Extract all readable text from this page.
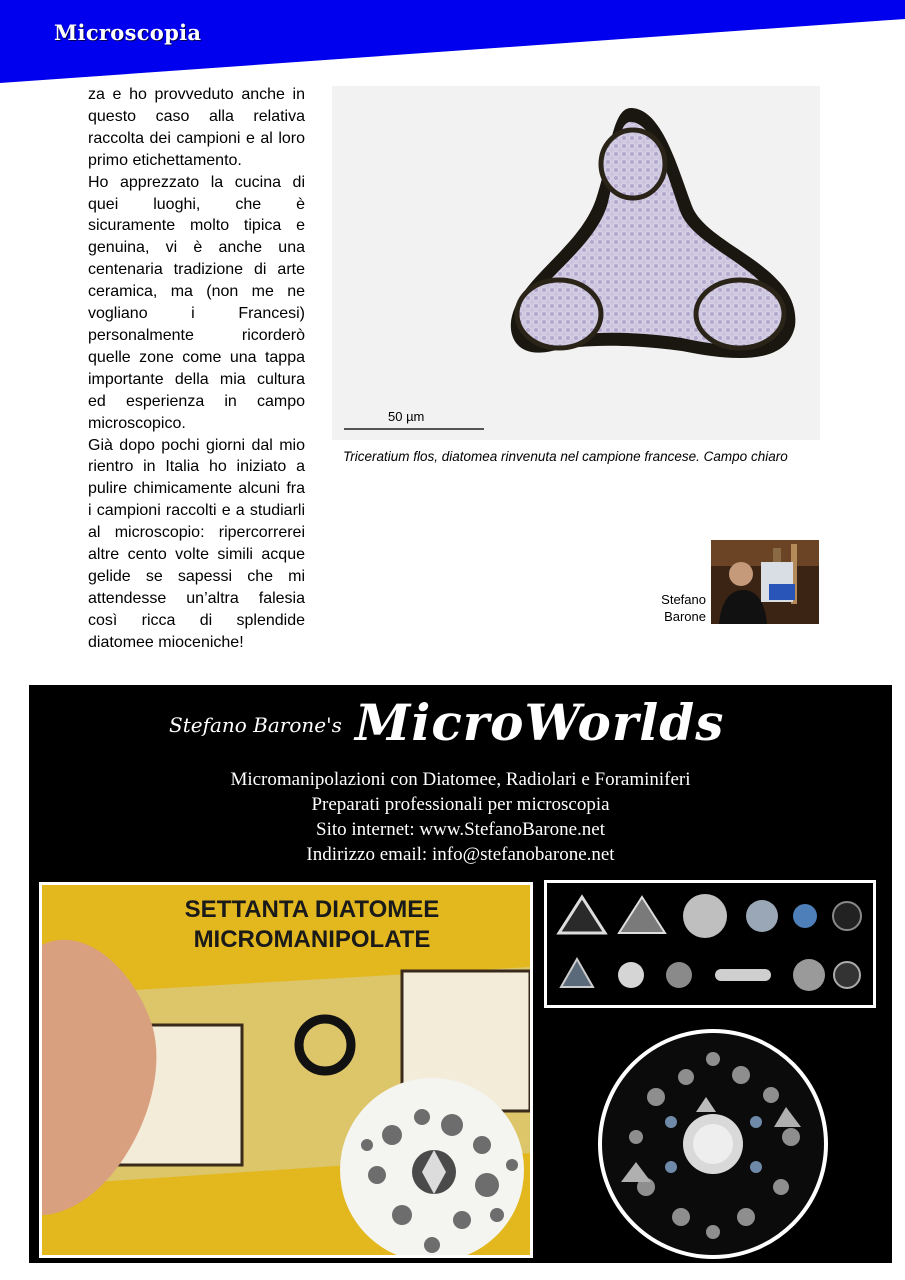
Microscopia

za e ho provveduto anche in questo caso alla relativa raccolta dei campioni e al loro primo etichettamento.

Ho apprezzato la cucina di quei luoghi, che è sicuramente molto tipica e genuina, vi è anche una centenaria tradizione di arte ceramica, ma (non me ne vogliano i Francesi) personalmente ricorderò quelle zone come una tappa importante della mia cultura ed esperienza in campo microscopico.

Già dopo pochi giorni dal mio rientro in Italia ho iniziato a pulire chimicamente alcuni fra i campioni raccolti e a studiarli al microscopio: ripercorrerei altre cento volte simili acque gelide se sapessi che mi attendesse un’altra falesia così ricca di splendide diatomee mioceniche!

50 µm
Triceratium flos, diatomea rinvenuta nel campione francese. Campo chiaro
Stefano
Barone
Stefano Barone's MicroWorlds
Micromanipolazioni con Diatomee, Radiolari e Foraminiferi
Preparati professionali per microscopia
Sito internet: www.StefanoBarone.net
Indirizzo email: info@stefanobarone.net
SETTANTA DIATOMEE
MICROMANIPOLATE
